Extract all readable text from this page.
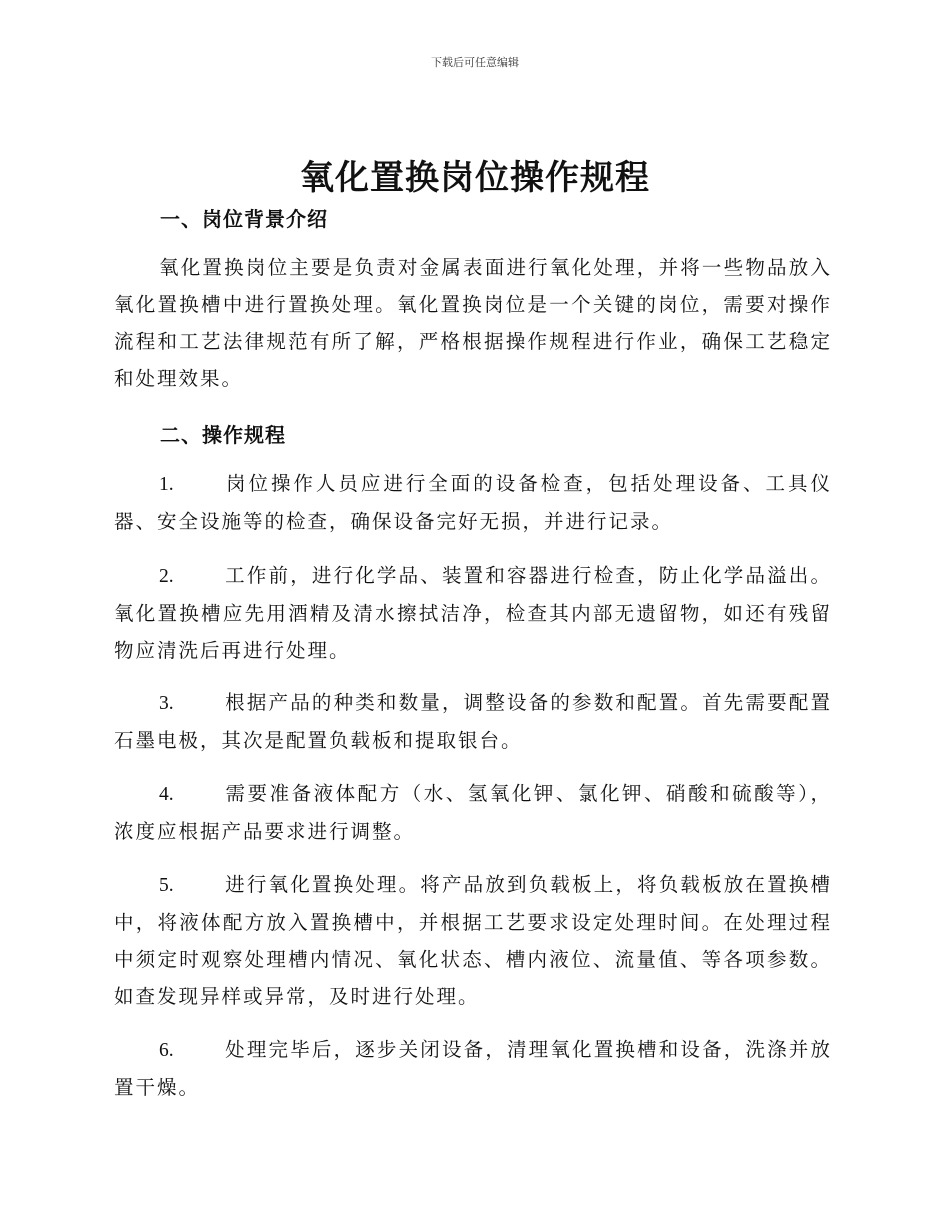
下载后可任意编辑
氧化置换岗位操作规程
一、岗位背景介绍

氧化置换岗位主要是负责对金属表面进行氧化处理，并将一些物品放入氧化置换槽中进行置换处理。氧化置换岗位是一个关键的岗位，需要对操作流程和工艺法律规范有所了解，严格根据操作规程进行作业，确保工艺稳定和处理效果。

二、操作规程

1.	岗位操作人员应进行全面的设备检查，包括处理设备、工具仪器、安全设施等的检查，确保设备完好无损，并进行记录。

2.	工作前，进行化学品、装置和容器进行检查，防止化学品溢出。氧化置换槽应先用酒精及清水擦拭洁净，检查其内部无遗留物，如还有残留物应清洗后再进行处理。

3.	根据产品的种类和数量，调整设备的参数和配置。首先需要配置石墨电极，其次是配置负载板和提取银台。

4.	需要准备液体配方（水、氢氧化钾、氯化钾、硝酸和硫酸等），浓度应根据产品要求进行调整。

5.	进行氧化置换处理。将产品放到负载板上，将负载板放在置换槽中，将液体配方放入置换槽中，并根据工艺要求设定处理时间。在处理过程中须定时观察处理槽内情况、氧化状态、槽内液位、流量值、等各项参数。如查发现异样或异常，及时进行处理。

6.	处理完毕后，逐步关闭设备，清理氧化置换槽和设备，洗涤并放置干燥。
